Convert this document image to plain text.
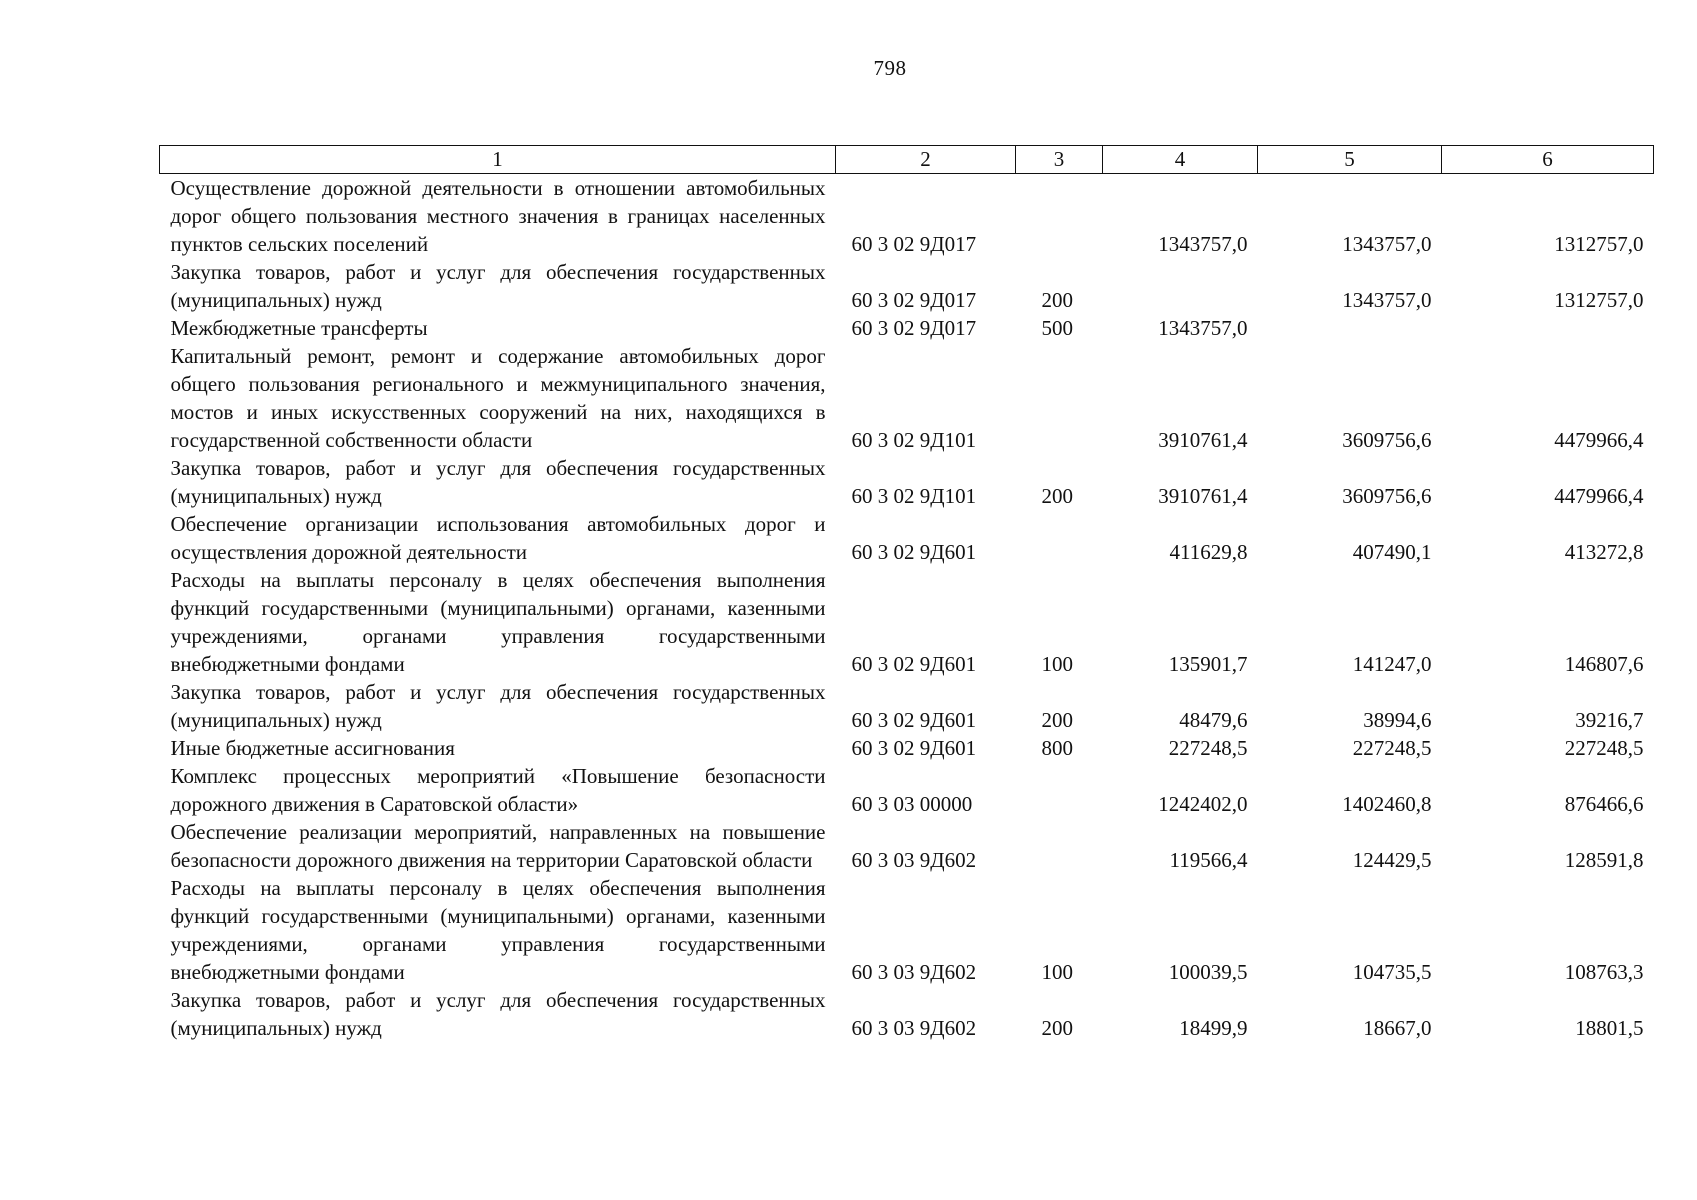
798
1	2	3	4	5	6
Осуществление дорожной деятельности в отношении автомобильных дорог общего пользования местного значения в границах населенных пунктов сельских поселений	60 3 02 9Д017		1343757,0	1343757,0	1312757,0
Закупка товаров, работ и услуг для обеспечения государственных (муниципальных) нужд	60 3 02 9Д017	200		1343757,0	1312757,0
Межбюджетные трансферты	60 3 02 9Д017	500	1343757,0		
Капитальный ремонт, ремонт и содержание автомобильных дорог общего пользования регионального и межмуниципального значения, мостов и иных искусственных сооружений на них, находящихся в государственной собственности области	60 3 02 9Д101		3910761,4	3609756,6	4479966,4
Закупка товаров, работ и услуг для обеспечения государственных (муниципальных) нужд	60 3 02 9Д101	200	3910761,4	3609756,6	4479966,4
Обеспечение организации использования автомобильных дорог и осуществления дорожной деятельности	60 3 02 9Д601		411629,8	407490,1	413272,8
Расходы на выплаты персоналу в целях обеспечения выполнения функций государственными (муниципальными) органами, казенными учреждениями, органами управления государственными внебюджетными фондами	60 3 02 9Д601	100	135901,7	141247,0	146807,6
Закупка товаров, работ и услуг для обеспечения государственных (муниципальных) нужд	60 3 02 9Д601	200	48479,6	38994,6	39216,7
Иные бюджетные ассигнования	60 3 02 9Д601	800	227248,5	227248,5	227248,5
Комплекс процессных мероприятий «Повышение безопасности дорожного движения в Саратовской области»	60 3 03 00000		1242402,0	1402460,8	876466,6
Обеспечение реализации мероприятий, направленных на повышение безопасности дорожного движения на территории Саратовской области	60 3 03 9Д602		119566,4	124429,5	128591,8
Расходы на выплаты персоналу в целях обеспечения выполнения функций государственными (муниципальными) органами, казенными учреждениями, органами управления государственными внебюджетными фондами	60 3 03 9Д602	100	100039,5	104735,5	108763,3
Закупка товаров, работ и услуг для обеспечения государственных (муниципальных) нужд	60 3 03 9Д602	200	18499,9	18667,0	18801,5
